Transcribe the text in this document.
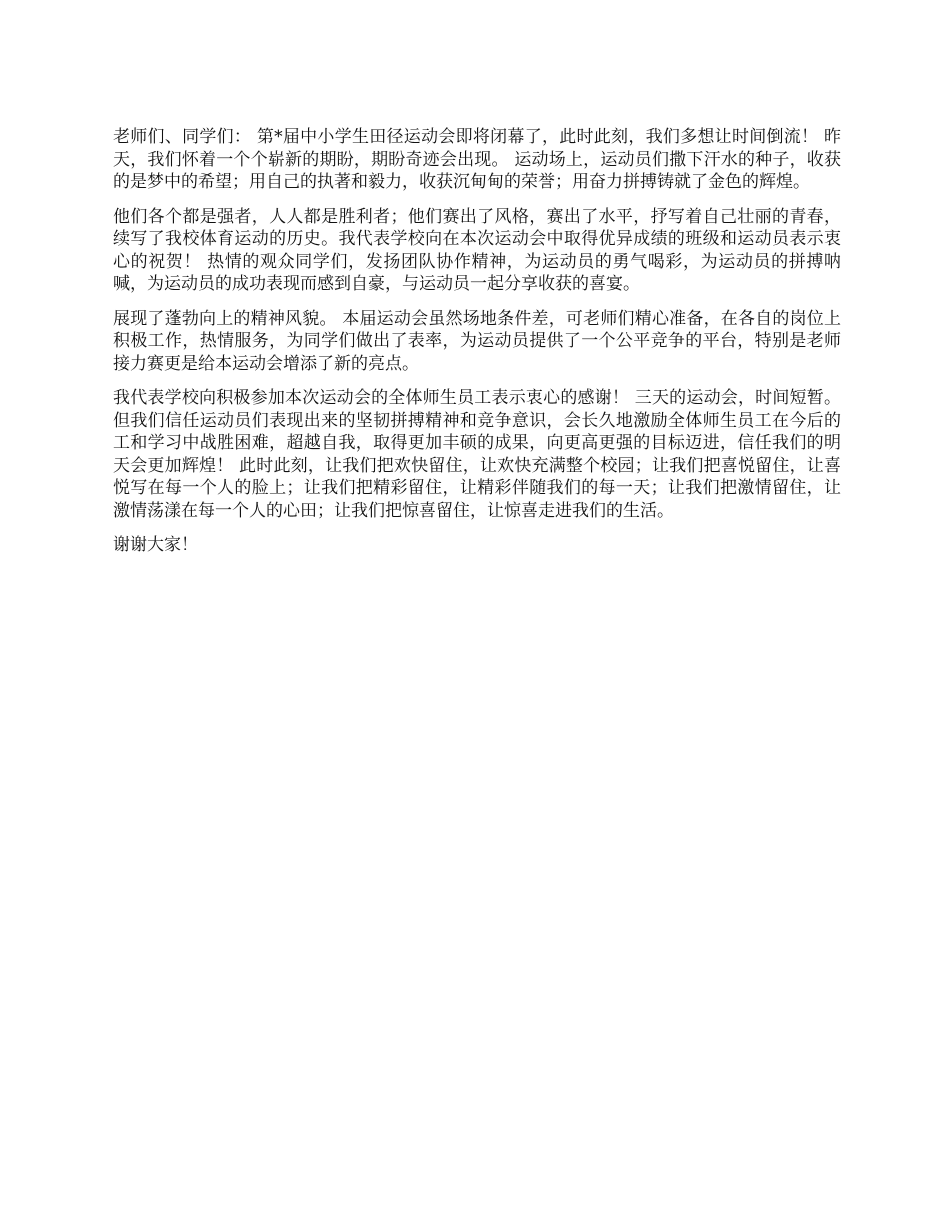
老师们、同学们： 第*届中小学生田径运动会即将闭幕了，此时此刻，我们多想让时间倒流！ 昨天，我们怀着一个个崭新的期盼，期盼奇迹会出现。 运动场上，运动员们撒下汗水的种子，收获的是梦中的希望；用自己的执著和毅力，收获沉甸甸的荣誉；用奋力拼搏铸就了金色的辉煌。

他们各个都是强者，人人都是胜利者；他们赛出了风格，赛出了水平，抒写着自己壮丽的青春，续写了我校体育运动的历史。我代表学校向在本次运动会中取得优异成绩的班级和运动员表示衷心的祝贺！ 热情的观众同学们，发扬团队协作精神，为运动员的勇气喝彩，为运动员的拼搏呐喊，为运动员的成功表现而感到自豪，与运动员一起分享收获的喜宴。

展现了蓬勃向上的精神风貌。 本届运动会虽然场地条件差，可老师们精心准备，在各自的岗位上积极工作，热情服务，为同学们做出了表率，为运动员提供了一个公平竞争的平台，特别是老师接力赛更是给本运动会增添了新的亮点。

我代表学校向积极参加本次运动会的全体师生员工表示衷心的感谢！ 三天的运动会，时间短暂。但我们信任运动员们表现出来的坚韧拼搏精神和竞争意识，会长久地激励全体师生员工在今后的工和学习中战胜困难，超越自我，取得更加丰硕的成果，向更高更强的目标迈进，信任我们的明天会更加辉煌！ 此时此刻，让我们把欢快留住，让欢快充满整个校园；让我们把喜悦留住，让喜悦写在每一个人的脸上；让我们把精彩留住，让精彩伴随我们的每一天；让我们把激情留住，让激情荡漾在每一个人的心田；让我们把惊喜留住，让惊喜走进我们的生活。

谢谢大家！
